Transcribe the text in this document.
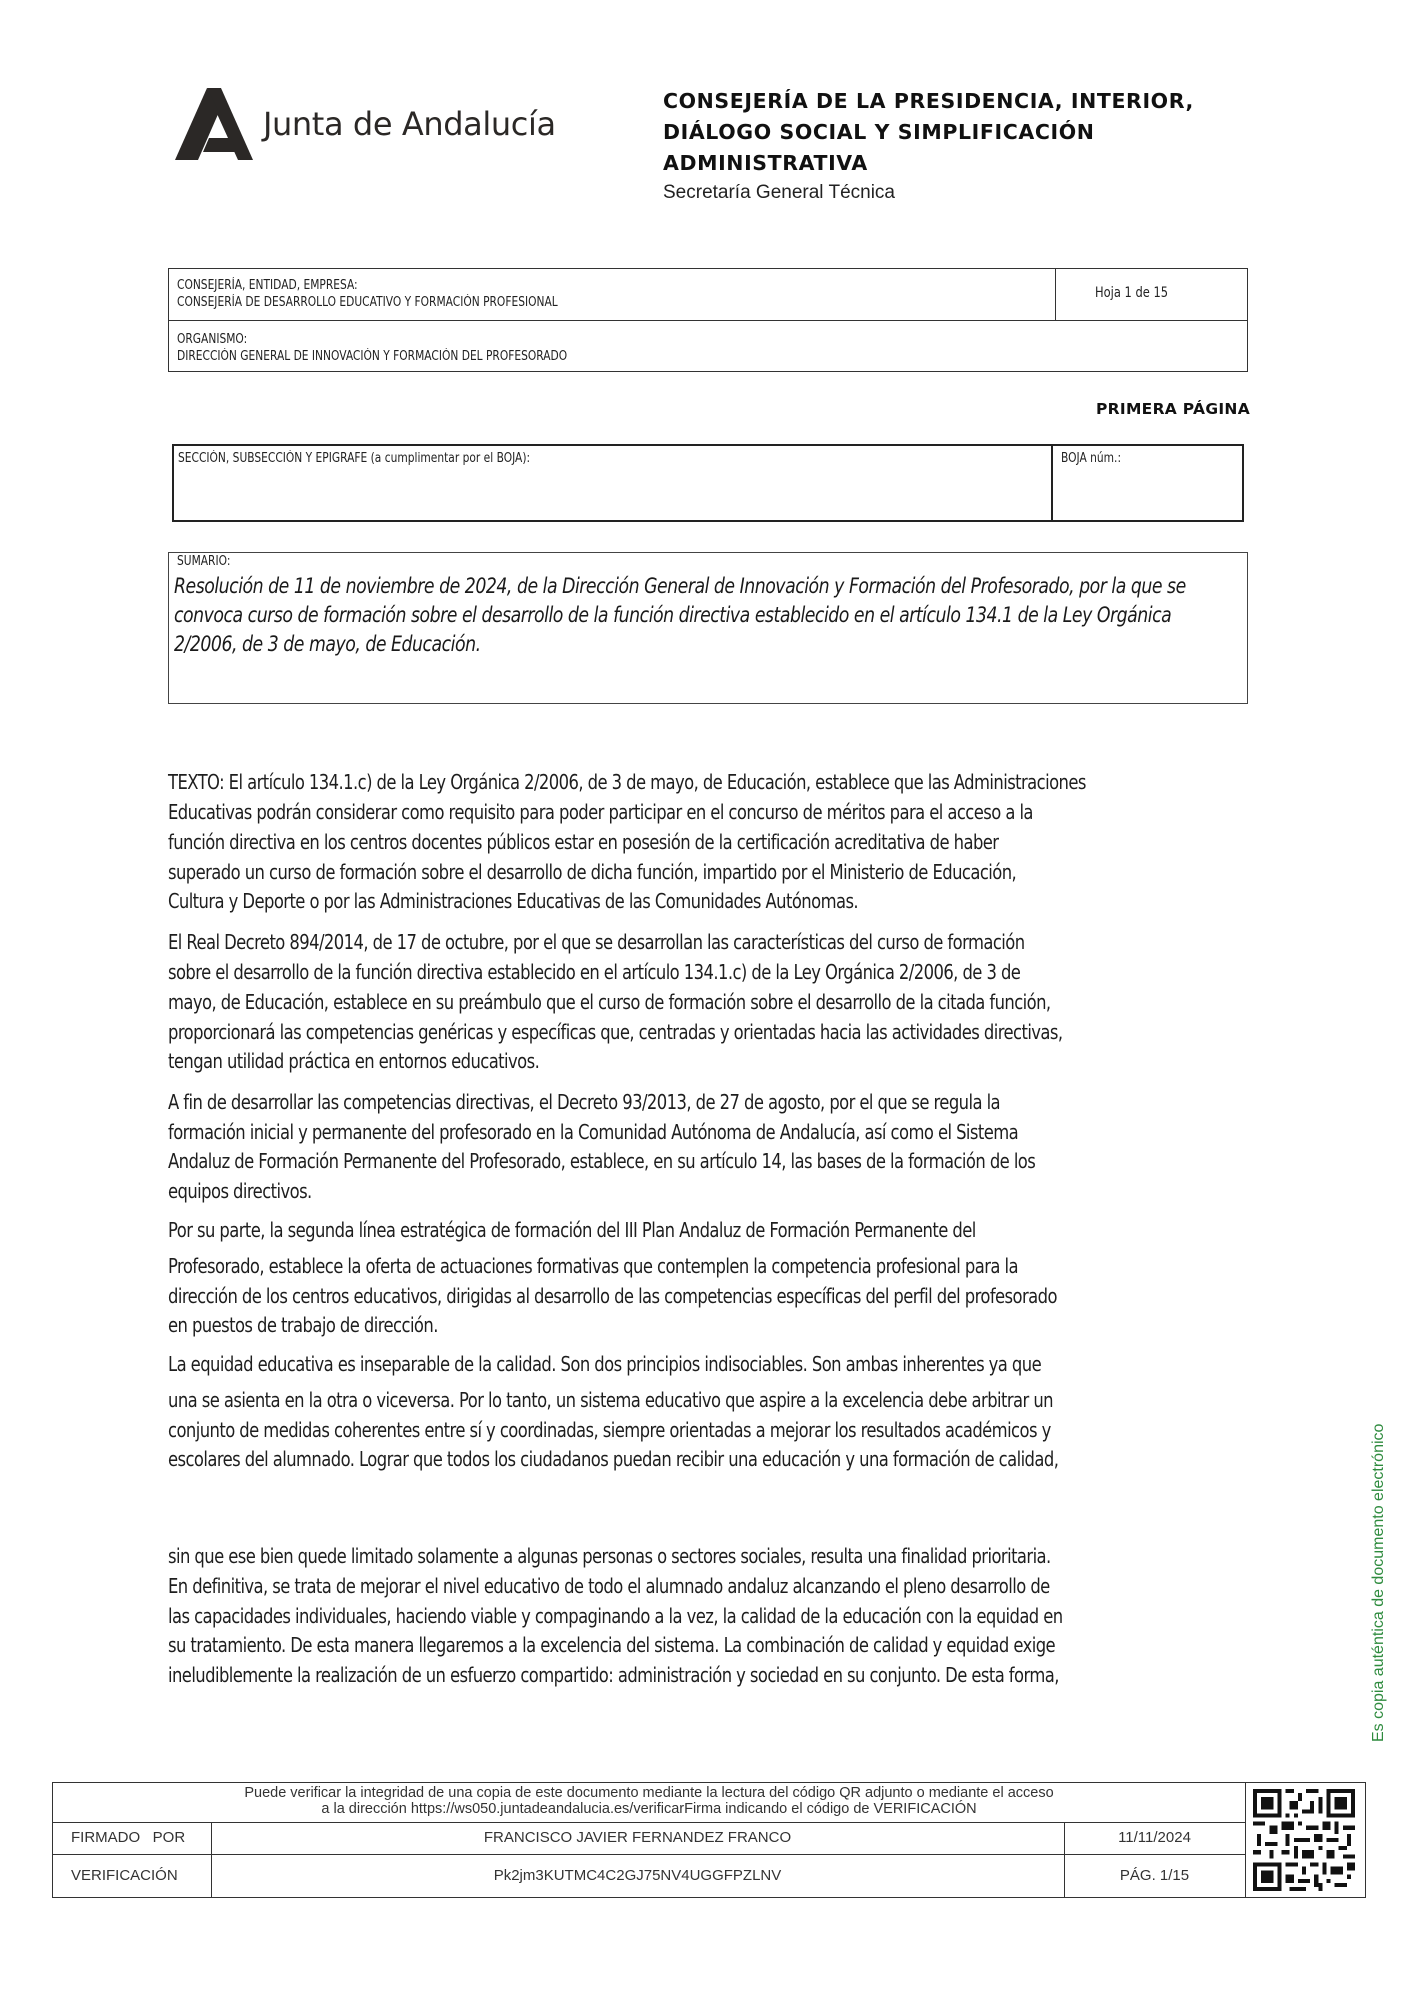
Junta de Andalucía
CONSEJERÍA DE LA PRESIDENCIA, INTERIOR,
DIÁLOGO SOCIAL Y SIMPLIFICACIÓN
ADMINISTRATIVA
Secretaría General Técnica
CONSEJERÍA, ENTIDAD, EMPRESA:
CONSEJERÍA DE DESARROLLO EDUCATIVO Y FORMACIÓN PROFESIONAL
Hoja 1 de 15
ORGANISMO:
DIRECCIÓN GENERAL DE INNOVACIÓN Y FORMACIÓN DEL PROFESORADO
PRIMERA PÁGINA
SECCIÓN, SUBSECCIÓN Y EPIGRAFE (a cumplimentar por el BOJA):	BOJA núm.:
SUMARIO:
Resolución de 11 de noviembre de 2024, de la Dirección General de Innovación y Formación del Profesorado, por la que se
convoca curso de formación sobre el desarrollo de la función directiva establecido en el artículo 134.1 de la Ley Orgánica
2/2006, de 3 de mayo, de Educación.
TEXTO: El artículo 134.1.c) de la Ley Orgánica 2/2006, de 3 de mayo, de Educación, establece que las Administraciones
Educativas podrán considerar como requisito para poder participar en el concurso de méritos para el acceso a la
función directiva en los centros docentes públicos estar en posesión de la certificación acreditativa de haber
superado un curso de formación sobre el desarrollo de dicha función, impartido por el Ministerio de Educación,
Cultura y Deporte o por las Administraciones Educativas de las Comunidades Autónomas.
El Real Decreto 894/2014, de 17 de octubre, por el que se desarrollan las características del curso de formación
sobre el desarrollo de la función directiva establecido en el artículo 134.1.c) de la Ley Orgánica 2/2006, de 3 de
mayo, de Educación, establece en su preámbulo que el curso de formación sobre el desarrollo de la citada función,
proporcionará las competencias genéricas y específicas que, centradas y orientadas hacia las actividades directivas,
tengan utilidad práctica en entornos educativos.
A fin de desarrollar las competencias directivas, el Decreto 93/2013, de 27 de agosto, por el que se regula la
formación inicial y permanente del profesorado en la Comunidad Autónoma de Andalucía, así como el Sistema
Andaluz de Formación Permanente del Profesorado, establece, en su artículo 14, las bases de la formación de los
equipos directivos.
Por su parte, la segunda línea estratégica de formación del III Plan Andaluz de Formación Permanente del
Profesorado, establece la oferta de actuaciones formativas que contemplen la competencia profesional para la
dirección de los centros educativos, dirigidas al desarrollo de las competencias específicas del perfil del profesorado
en puestos de trabajo de dirección.
La equidad educativa es inseparable de la calidad. Son dos principios indisociables. Son ambas inherentes ya que
una se asienta en la otra o viceversa. Por lo tanto, un sistema educativo que aspire a la excelencia debe arbitrar un
conjunto de medidas coherentes entre sí y coordinadas, siempre orientadas a mejorar los resultados académicos y
escolares del alumnado. Lograr que todos los ciudadanos puedan recibir una educación y una formación de calidad,
sin que ese bien quede limitado solamente a algunas personas o sectores sociales, resulta una finalidad prioritaria.
En definitiva, se trata de mejorar el nivel educativo de todo el alumnado andaluz alcanzando el pleno desarrollo de
las capacidades individuales, haciendo viable y compaginando a la vez, la calidad de la educación con la equidad en
su tratamiento. De esta manera llegaremos a la excelencia del sistema. La combinación de calidad y equidad exige
ineludiblemente la realización de un esfuerzo compartido: administración y sociedad en su conjunto. De esta forma,	Es copia auténtica de documento electrónico
Puede verificar la integridad de una copia de este documento mediante la lectura del código QR adjunto o mediante el acceso
a la dirección https://ws050.juntadeandalucia.es/verificarFirma indicando el código de VERIFICACIÓN
FIRMADO   POR	FRANCISCO JAVIER FERNANDEZ FRANCO	11/11/2024
VERIFICACIÓN	Pk2jm3KUTMC4C2GJ75NV4UGGFPZLNV	PÁG. 1/15
